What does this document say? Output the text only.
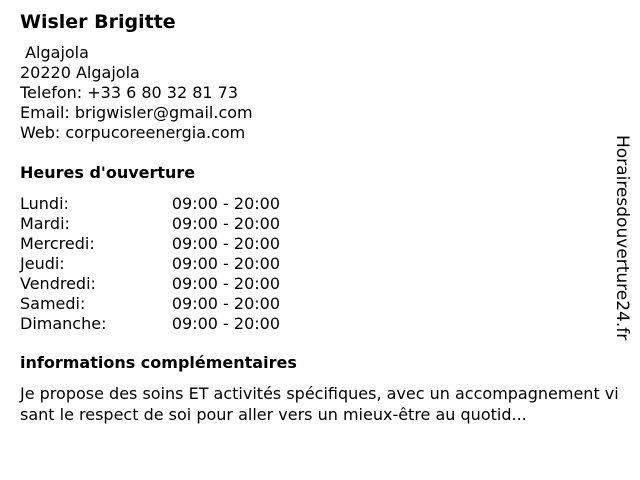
Wisler Brigitte
Algajola
20220 Algajola
Telefon: +33 6 80 32 81 73
Email: brigwisler@gmail.com
Web: corpucoreenergia.com
Heures d'ouverture
Lundi:	09:00 - 20:00
Mardi:	09:00 - 20:00
Mercredi:	09:00 - 20:00
Jeudi:	09:00 - 20:00
Vendredi:	09:00 - 20:00
Samedi:	09:00 - 20:00
Dimanche:	09:00 - 20:00
informations complémentaires
Je propose des soins ET activités spécifiques, avec un accompagnement visant le respect de soi pour aller vers un mieux-être au quotid...
Horairesdouverture24.fr
